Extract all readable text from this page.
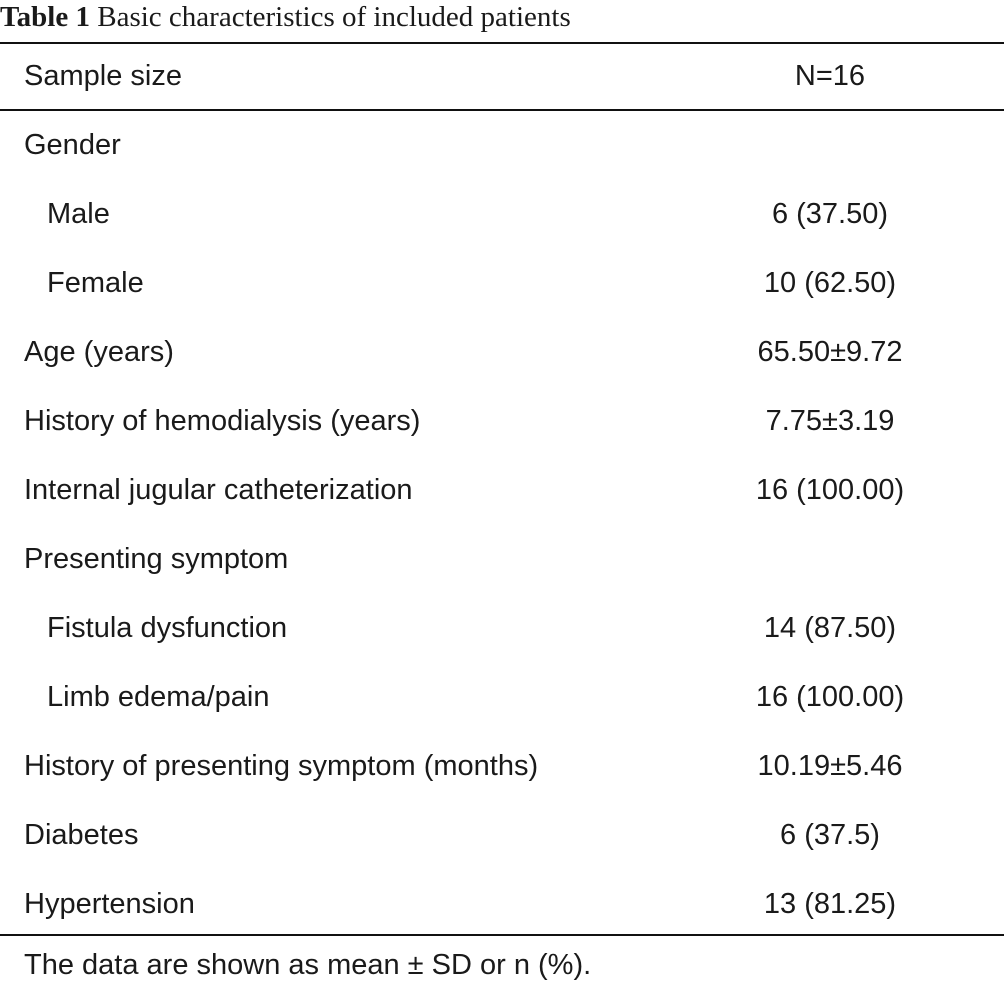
Table 1 Basic characteristics of included patients
Sample size	N=16
Gender
Male	6 (37.50)
Female	10 (62.50)
Age (years)	65.50±9.72
History of hemodialysis (years)	7.75±3.19
Internal jugular catheterization	16 (100.00)
Presenting symptom
Fistula dysfunction	14 (87.50)
Limb edema/pain	16 (100.00)
History of presenting symptom (months)	10.19±5.46
Diabetes	6 (37.5)
Hypertension	13 (81.25)
The data are shown as mean ± SD or n (%).
